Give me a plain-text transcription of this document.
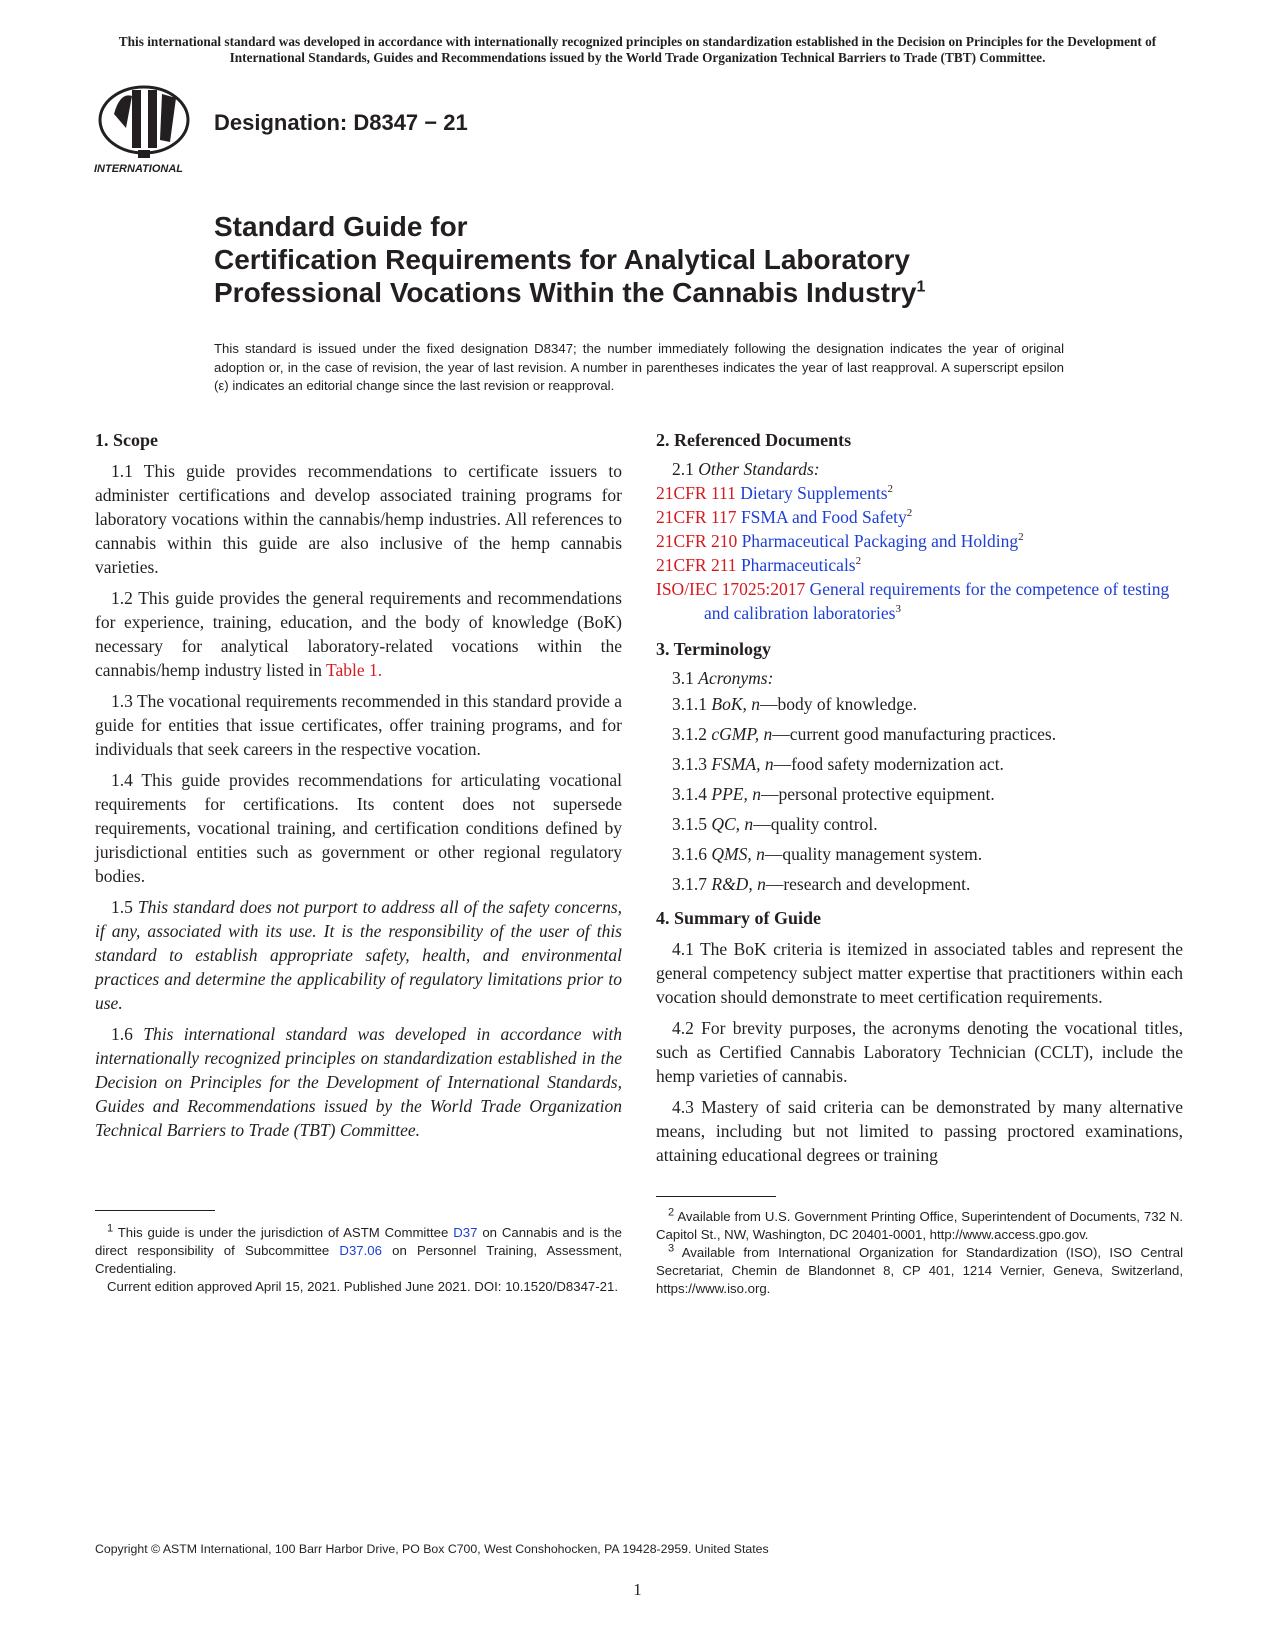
This international standard was developed in accordance with internationally recognized principles on standardization established in the Decision on Principles for the Development of International Standards, Guides and Recommendations issued by the World Trade Organization Technical Barriers to Trade (TBT) Committee.
INTERNATIONAL
Designation: D8347 − 21
Standard Guide for
Certification Requirements for Analytical Laboratory
Professional Vocations Within the Cannabis Industry$^1$
This standard is issued under the fixed designation D8347; the number immediately following the designation indicates the year of original adoption or, in the case of revision, the year of last revision. A number in parentheses indicates the year of last reapproval. A superscript epsilon (ε) indicates an editorial change since the last revision or reapproval.
1. Scope

1.1 This guide provides recommendations to certificate issuers to administer certifications and develop associated training programs for laboratory vocations within the cannabis/hemp industries. All references to cannabis within this guide are also inclusive of the hemp cannabis varieties.

1.2 This guide provides the general requirements and recommendations for experience, training, education, and the body of knowledge (BoK) necessary for analytical laboratory-related vocations within the cannabis/hemp industry listed in Table 1.

1.3 The vocational requirements recommended in this standard provide a guide for entities that issue certificates, offer training programs, and for individuals that seek careers in the respective vocation.

1.4 This guide provides recommendations for articulating vocational requirements for certifications. Its content does not supersede requirements, vocational training, and certification conditions defined by jurisdictional entities such as government or other regional regulatory bodies.

1.5 This standard does not purport to address all of the safety concerns, if any, associated with its use. It is the responsibility of the user of this standard to establish appropriate safety, health, and environmental practices and determine the applicability of regulatory limitations prior to use.

1.6 This international standard was developed in accordance with internationally recognized principles on standardization established in the Decision on Principles for the Development of International Standards, Guides and Recommendations issued by the World Trade Organization Technical Barriers to Trade (TBT) Committee.

$^1$ This guide is under the jurisdiction of ASTM Committee D37 on Cannabis and is the direct responsibility of Subcommittee D37.06 on Personnel Training, Assessment, Credentialing.

Current edition approved April 15, 2021. Published June 2021. DOI: 10.1520/D8347-21.

2. Referenced Documents
2.1 Other Standards:
21CFR 111 Dietary Supplements$^2$
21CFR 117 FSMA and Food Safety$^2$
21CFR 210 Pharmaceutical Packaging and Holding$^2$
21CFR 211 Pharmaceuticals$^2$
ISO/IEC 17025:2017 General requirements for the competence of testing and calibration laboratories$^3$
3. Terminology
3.1 Acronyms:
3.1.1 BoK, n—body of knowledge.
3.1.2 cGMP, n—current good manufacturing practices.
3.1.3 FSMA, n—food safety modernization act.
3.1.4 PPE, n—personal protective equipment.
3.1.5 QC, n—quality control.
3.1.6 QMS, n—quality management system.
3.1.7 R&D, n—research and development.
4. Summary of Guide

4.1 The BoK criteria is itemized in associated tables and represent the general competency subject matter expertise that practitioners within each vocation should demonstrate to meet certification requirements.

4.2 For brevity purposes, the acronyms denoting the vocational titles, such as Certified Cannabis Laboratory Technician (CCLT), include the hemp varieties of cannabis.

4.3 Mastery of said criteria can be demonstrated by many alternative means, including but not limited to passing proctored examinations, attaining educational degrees or training

$^2$ Available from U.S. Government Printing Office, Superintendent of Documents, 732 N. Capitol St., NW, Washington, DC 20401-0001, http://www.access.gpo.gov.

$^3$ Available from International Organization for Standardization (ISO), ISO Central Secretariat, Chemin de Blandonnet 8, CP 401, 1214 Vernier, Geneva, Switzerland, https://www.iso.org.

Copyright © ASTM International, 100 Barr Harbor Drive, PO Box C700, West Conshohocken, PA 19428-2959. United States
1
